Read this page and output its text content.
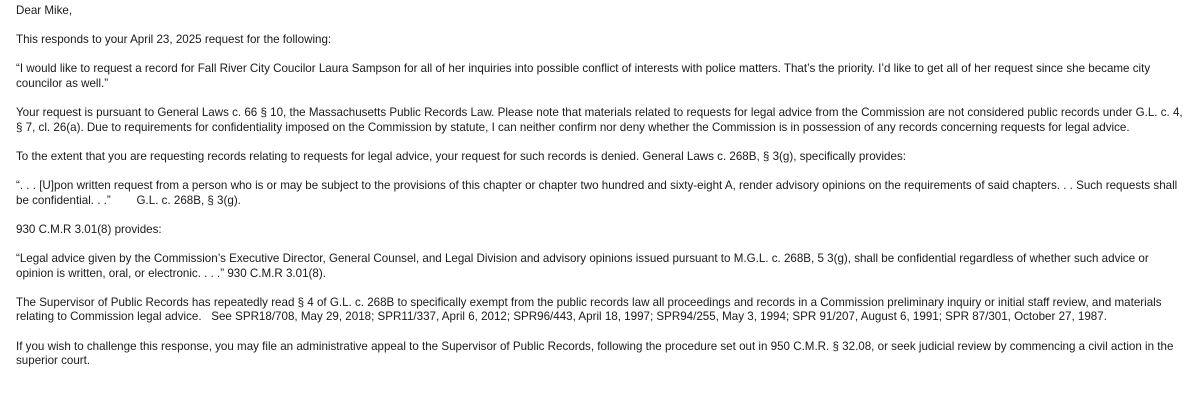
Dear Mike,

This responds to your April 23, 2025 request for the following:

“I would like to request a record for Fall River City Coucilor Laura Sampson for all of her inquiries into possible conflict of interests with police matters. That’s the priority. I’d like to get all of her request since she became city councilor as well.”

Your request is pursuant to General Laws c. 66 § 10, the Massachusetts Public Records Law. Please note that materials related to requests for legal advice from the Commission are not considered public records under G.L. c. 4, § 7, cl. 26(a). Due to requirements for confidentiality imposed on the Commission by statute, I can neither confirm nor deny whether the Commission is in possession of any records concerning requests for legal advice.

To the extent that you are requesting records relating to requests for legal advice, your request for such records is denied. General Laws c. 268B, § 3(g), specifically provides:

“. . . [U]pon written request from a person who is or may be subject to the provisions of this chapter or chapter two hundred and sixty-eight A, render advisory opinions on the requirements of said chapters. . . Such requests shall be confidential. . .”        G.L. c. 268B, § 3(g).

930 C.M.R 3.01(8) provides:

“Legal advice given by the Commission’s Executive Director, General Counsel, and Legal Division and advisory opinions issued pursuant to M.G.L. c. 268B, 5 3(g), shall be confidential regardless of whether such advice or opinion is written, oral, or electronic. . . .” 930 C.M.R 3.01(8).

The Supervisor of Public Records has repeatedly read § 4 of G.L. c. 268B to specifically exempt from the public records law all proceedings and records in a Commission preliminary inquiry or initial staff review, and materials relating to Commission legal advice.   See SPR18/708, May 29, 2018; SPR11/337, April 6, 2012; SPR96/443, April 18, 1997; SPR94/255, May 3, 1994; SPR 91/207, August 6, 1991; SPR 87/301, October 27, 1987.

If you wish to challenge this response, you may file an administrative appeal to the Supervisor of Public Records, following the procedure set out in 950 C.M.R. § 32.08, or seek judicial review by commencing a civil action in the superior court.
